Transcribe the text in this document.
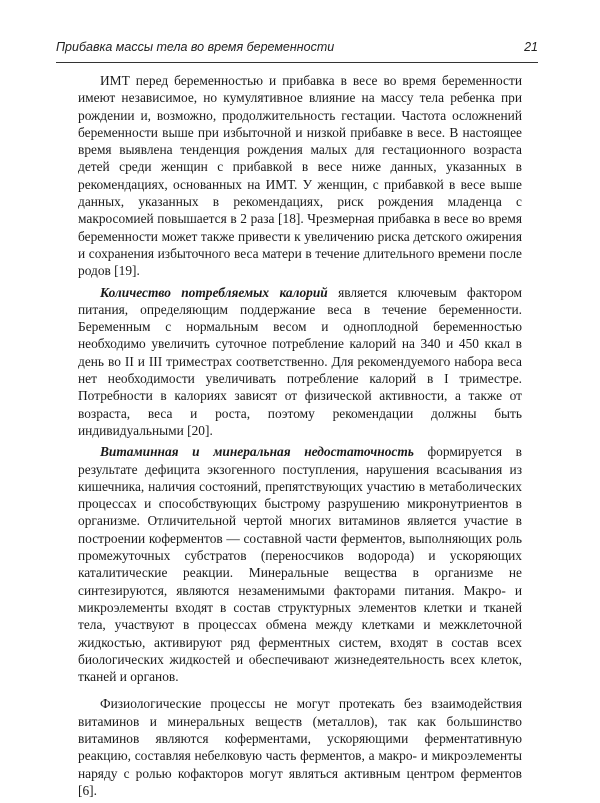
Прибавка массы тела во время беременности	21

ИМТ перед беременностью и прибавка в весе во время беременности имеют независимое, но кумулятивное влияние на массу тела ребенка при рождении и, возможно, продолжительность гестации. Частота осложнений беременности выше при избыточной и низкой прибавке в весе. В настоящее время выявлена тенденция рождения малых для гестационного возраста детей среди женщин с прибавкой в весе ниже данных, указанных в рекомендациях, основанных на ИМТ. У женщин, с прибавкой в весе выше данных, указанных в рекомендациях, риск рождения младенца с макросомией повышается в 2 раза [18]. Чрезмерная прибавка в весе во время беременности может также привести к увеличению риска детского ожирения и сохранения избыточного веса матери в течение длительного времени после родов [19].

Количество потребляемых калорий является ключевым фактором питания, определяющим поддержание веса в течение беременности. Беременным с нормальным весом и одноплодной беременностью необходимо увеличить суточное потребление калорий на 340 и 450 ккал в день во II и III триместрах соответственно. Для рекомендуемого набора веса нет необходимости увеличивать потребление калорий в I триместре. Потребности в калориях зависят от физической активности, а также от возраста, веса и роста, поэтому рекомендации должны быть индивидуальными [20].

Витаминная и минеральная недостаточность формируется в результате дефицита экзогенного поступления, нарушения всасывания из кишечника, наличия состояний, препятствующих участию в метаболических процессах и способствующих быстрому разрушению микронутриентов в организме. Отличительной чертой многих витаминов является участие в построении коферментов — составной части ферментов, выполняющих роль промежуточных субстратов (переносчиков водорода) и ускоряющих каталитические реакции. Минеральные вещества в организме не синтезируются, являются незаменимыми факторами питания. Макро- и микроэлементы входят в состав структурных элементов клетки и тканей тела, участвуют в процессах обмена между клетками и межклеточной жидкостью, активируют ряд ферментных систем, входят в состав всех биологических жидкостей и обеспечивают жизнедеятельность всех клеток, тканей и органов.

Физиологические процессы не могут протекать без взаимодействия витаминов и минеральных веществ (металлов), так как большинство витаминов являются коферментами, ускоряющими ферментативную реакцию, составляя небелковую часть ферментов, а макро- и микроэлементы наряду с ролью кофакторов могут являться активным центром ферментов [6].
